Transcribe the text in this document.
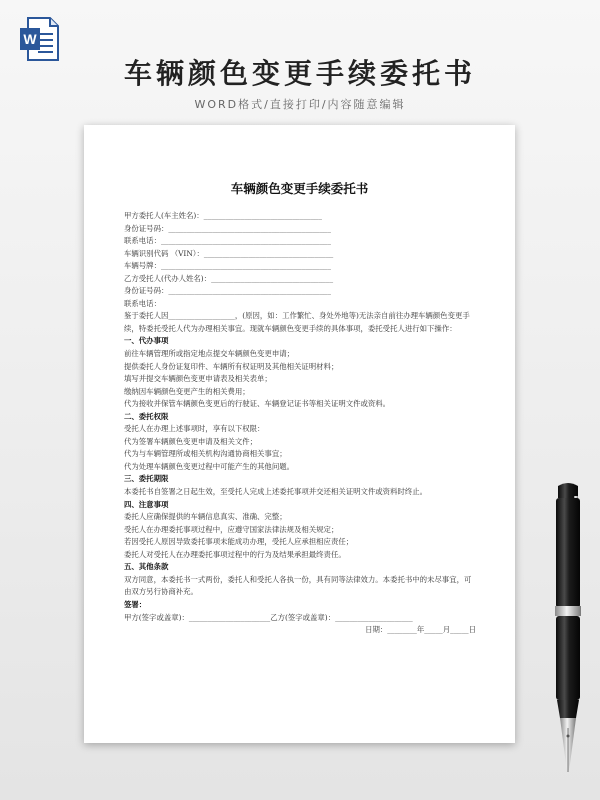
W
车辆颜色变更手续委托书
WORD格式/直接打印/内容随意编辑
车辆颜色变更手续委托书
甲方委托人(车主姓名)：________________________________
身份证号码：____________________________________________
联系电话：______________________________________________
车辆识别代码 （VIN）：___________________________________
车辆号牌：______________________________________________
乙方受托人(代办人姓名)：_________________________________
身份证号码：____________________________________________
联系电话：
鉴于委托人因__________________，(原因，如：工作繁忙、身处外地等)无法亲自前往办理车辆颜色变更手续，特委托受托人代为办理相关事宜。现就车辆颜色变更手续的具体事项，委托受托人进行如下操作：
一、代办事项
前往车辆管理所或指定地点提交车辆颜色变更申请；
提供委托人身份证复印件、车辆所有权证明及其他相关证明材料；
填写并提交车辆颜色变更申请表及相关表单；
缴纳因车辆颜色变更产生的相关费用；
代为接收并保管车辆颜色变更后的行驶证、车辆登记证书等相关证明文件或资料。
二、委托权限
受托人在办理上述事项时，享有以下权限：
代为签署车辆颜色变更申请及相关文件；
代为与车辆管理所或相关机构沟通协商相关事宜；
代为处理车辆颜色变更过程中可能产生的其他问题。
三、委托期限
本委托书自签署之日起生效，至受托人完成上述委托事项并交还相关证明文件或资料时终止。
四、注意事项
委托人应确保提供的车辆信息真实、准确、完整；
受托人在办理委托事项过程中，应遵守国家法律法规及相关规定；
若因受托人原因导致委托事项未能成功办理，受托人应承担相应责任；
委托人对受托人在办理委托事项过程中的行为及结果承担最终责任。
五、其他条款
双方同意，本委托书一式两份，委托人和受托人各执一份，具有同等法律效力。本委托书中的未尽事宜，可由双方另行协商补充。
签署：
甲方(签字或盖章)：______________________乙方(签字或盖章)：_____________________
日期：________年_____月_____日
